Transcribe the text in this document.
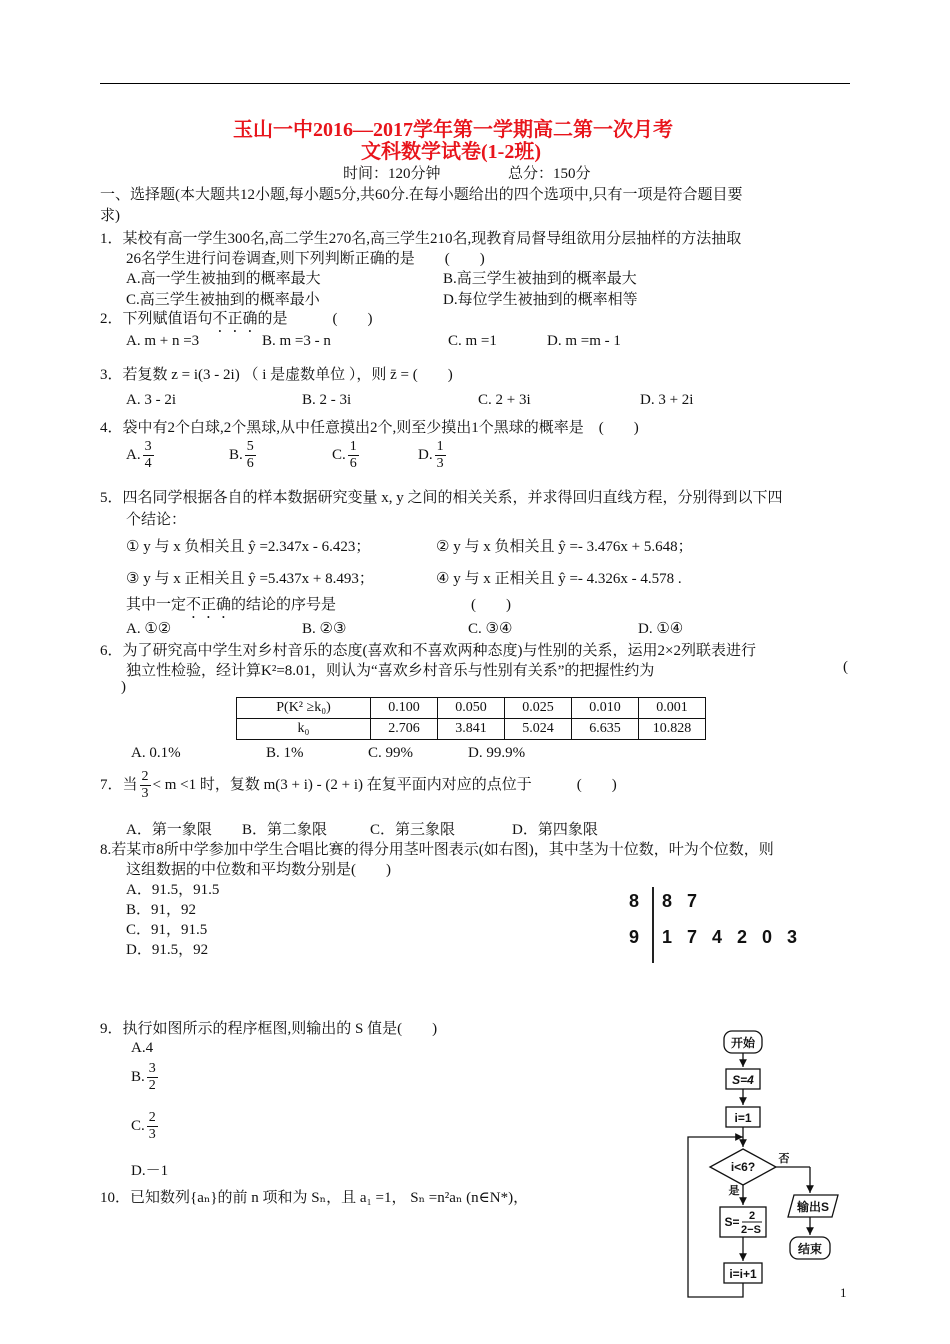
玉山一中2016—2017学年第一学期高二第一次月考
文科数学试卷(1-2班)
时间：120分钟	总分：150分
一、选择题(本大题共12小题,每小题5分,共60分.在每小题给出的四个选项中,只有一项是符合题目要
求)
1．某校有高一学生300名,高二学生270名,高三学生210名,现教育局督导组欲用分层抽样的方法抽取
26名学生进行问卷调查,则下列判断正确的是　　(　　)
A.高一学生被抽到的概率最大	B.高三学生被抽到的概率最大
C.高三学生被抽到的概率最小	D.每位学生被抽到的概率相等
2．下列赋值语句不正确的是　　　(　　)
A. m + n =3	B. m =3 - n	C. m =1	D. m =m - 1
3．若复数 z = i(3 - 2i) （ i 是虚数单位 ），则 z̄ = (　　)
A. 3 - 2i	B. 2 - 3i	C. 2 + 3i	D. 3 + 2i
4．袋中有2个白球,2个黑球,从中任意摸出2个,则至少摸出1个黑球的概率是　(　　)
A. $\frac{3}{4}$	B. $\frac{5}{6}$	C. $\frac{1}{6}$	D. $\frac{1}{3}$
5．四名同学根据各自的样本数据研究变量 x, y 之间的相关关系，并求得回归直线方程，分别得到以下四
个结论：
① y 与 x 负相关且 ŷ =2.347x - 6.423；	② y 与 x 负相关且 ŷ =- 3.476x + 5.648；
③ y 与 x 正相关且 ŷ =5.437x + 8.493；	④ y 与 x 正相关且 ŷ =- 4.326x - 4.578 .
其中一定不正确的结论的序号是　　　　　　　　　(　　)
A. ①②	B. ②③	C. ③④	D. ①④
6．为了研究高中学生对乡村音乐的态度(喜欢和不喜欢两种态度)与性别的关系，运用2×2列联表进行
独立性检验，经计算K²=8.01，则认为“喜欢乡村音乐与性别有关系”的把握性约为	(
)
P(K² ≥k₀)	0.100	0.050	0.025	0.010	0.001
k₀	2.706	3.841	5.024	6.635	10.828
A. 0.1%	B. 1%	C. 99%	D. 99.9%
7．当 $\frac{2}{3} < m <1$ 时，复数 m(3 + i) - (2 + i) 在复平面内对应的点位于　　　(　　)
A．第一象限 B．第二象限	C．第三象限	D．第四象限
8.若某市8所中学参加中学生合唱比赛的得分用茎叶图表示(如右图)，其中茎为十位数，叶为个位数，则
这组数据的中位数和平均数分别是(　　)
A．91.5，91.5
B．91，92
C．91，91.5
D．91.5，92
8 8 7
9 1 7 4 2 0 3
9．执行如图所示的程序框图,则输出的 S 值是(　　)
A.4
B. $\frac{3}{2}$
C. $\frac{2}{3}$
D.－1
开始
S=4
i=1
i<6?
否
是
S= 2
2−S
输出S
结束
i=i+1
10．已知数列{aₙ}的前 n 项和为 Sₙ，且 a₁ =1， Sₙ =n²aₙ (n∈N*)，
1
